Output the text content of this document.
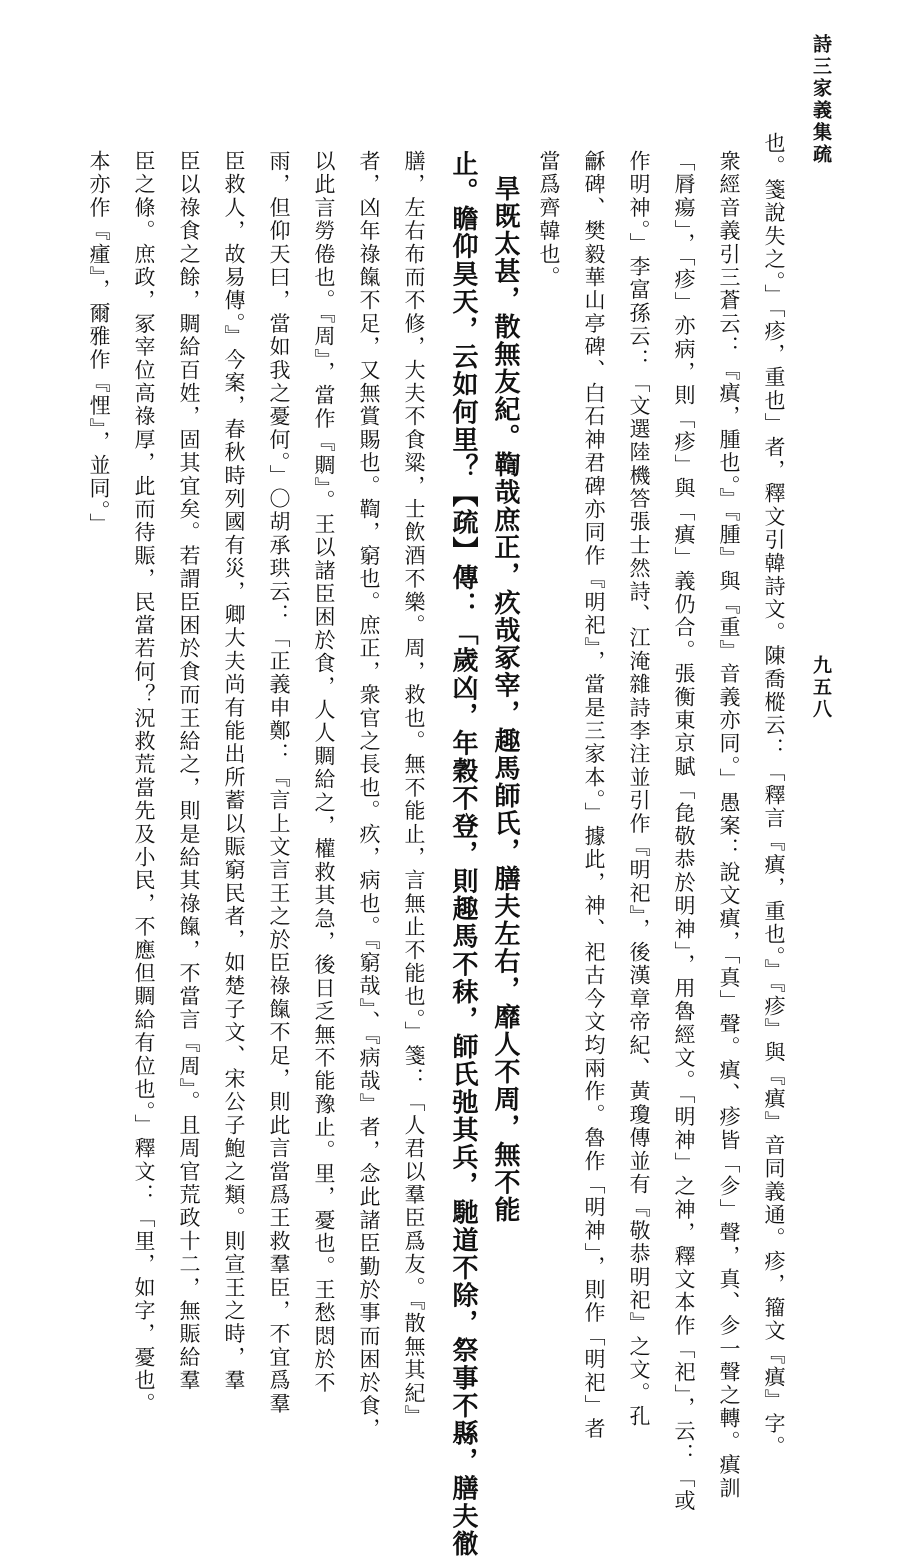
詩三家義集疏
九五八
也。箋說失之。」「疹，重也」者，釋文引韓詩文。陳喬樅云：「釋言『瘨，重也。』『疹』與『瘨』音同義通。疹，籀文『瘨』字。
衆經音義引三蒼云：『瘨，腫也。』『腫』與『重』音義亦同。」愚案：說文瘨，「真」聲。瘨、疹皆「㐱」聲，真、㐱一聲之轉。瘨訓
「脣瘍」，「疹」亦病，則「疹」與「瘨」義仍合。張衡東京賦「㲋敬恭於明神」，用魯經文。「明神」之神，釋文本作「祀」，云：「或
作明神。」李富孫云：「文選陸機答張士然詩、江淹雜詩李注並引作『明祀』，後漢章帝紀、黃瓊傳並有『敬恭明祀』之文。孔
龢碑、樊毅華山亭碑、白石神君碑亦同作『明祀』，當是三家本。」據此，神、祀古今文均兩作。魯作「明神」，則作「明祀」者
當爲齊韓也。
旱既太甚，散無友紀。鞫哉庶正，疚哉冢宰，趣馬師氏，膳夫左右，靡人不周，無不能
止。瞻仰昊天，云如何里？【疏】傳：「歲凶，年穀不登，則趣馬不秣，師氏弛其兵，馳道不除，祭事不縣，膳夫徹
膳，左右布而不修，大夫不食粱，士飲酒不樂。周，救也。無不能止，言無止不能也。」箋：「人君以羣臣爲友。『散無其紀』
者，凶年祿餼不足，又無賞賜也。鞫，窮也。庶正，衆官之長也。疚，病也。『窮哉』、『病哉』者，念此諸臣勤於事而困於食，
以此言勞倦也。『周』，當作『賙』。王以諸臣困於食，人人賙給之，權救其急，後日乏無不能豫止。里，憂也。王愁悶於不
雨，但仰天曰，當如我之憂何。」〇胡承珙云：「正義申鄭：『言上文言王之於臣祿餼不足，則此言當爲王救羣臣，不宜爲羣
臣救人，故易傳。』今案，春秋時列國有災，卿大夫尚有能出所蓄以賑窮民者，如楚子文、宋公子鮑之類。則宣王之時，羣
臣以祿食之餘，賙給百姓，固其宜矣。若謂臣困於食而王給之，則是給其祿餼，不當言『周』。且周官荒政十二，無賑給羣
臣之條。庶政，冢宰位高祿厚，此而待賑，民當若何？況救荒當先及小民，不應但賙給有位也。」釋文：「里，如字，憂也。
本亦作『瘇』，爾雅作『悝』，並同。」
